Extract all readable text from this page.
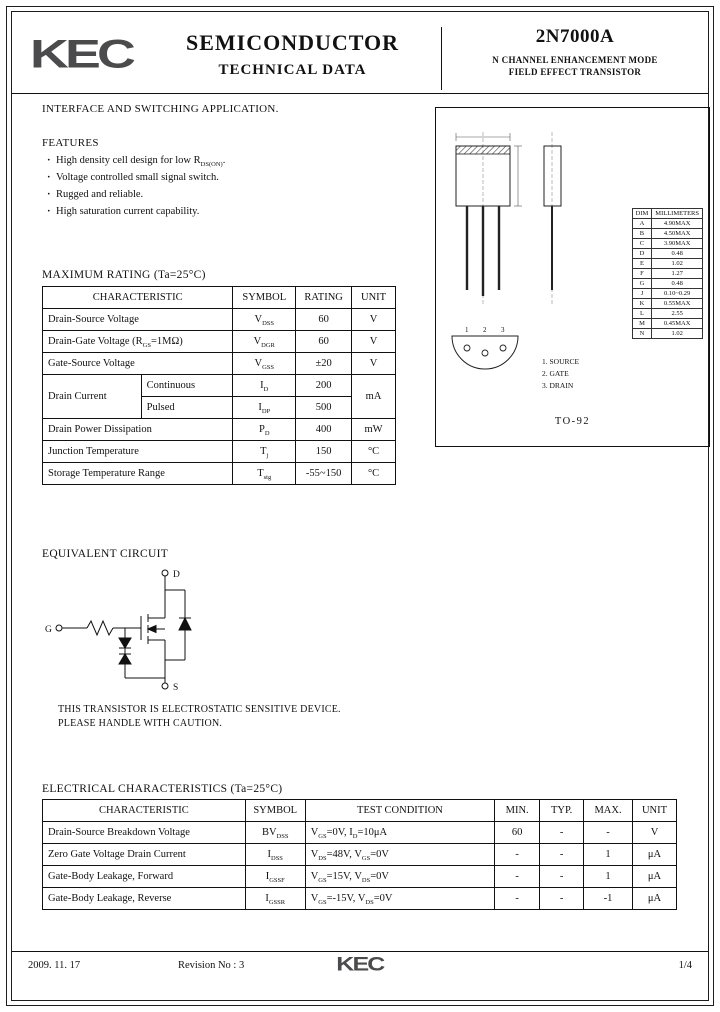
KEC	SEMICONDUCTOR
TECHNICAL DATA
2N7000A
N CHANNEL ENHANCEMENT MODE
FIELD EFFECT TRANSISTOR
INTERFACE AND SWITCHING APPLICATION.
FEATURES
· High density cell design for low $R_{DS(ON)}$.
· Voltage controlled small signal switch.
· Rugged and reliable.
· High saturation current capability.
1 2 3
DIM	MILLIMETERS
A	4.90MAX
B	4.50MAX
C	3.90MAX
D	0.48
E	1.02
F	1.27
G	0.48
J	0.10~0.29
K	0.55MAX
L	2.55
M	0.45MAX
N	1.02
1. SOURCE
2. GATE
3. DRAIN
TO-92
MAXIMUM RATING (Ta=25°C)
CHARACTERISTIC		SYMBOL	RATING	UNIT
Drain-Source Voltage		$V_{DSS}$	60	V
Drain-Gate Voltage $(R_{GS}=1M\Omega)$		$V_{DGR}$	60	V
Gate-Source Voltage		$V_{GSS}$	±20	V
Drain Current	Continuous	$I_D$	200	mA
	Pulsed	$I_{DP}$	500	
Drain Power Dissipation		$P_D$	400	mW
Junction Temperature		$T_j$	150	°C
Storage Temperature Range		$T_{stg}$	-55~150	°C
EQUIVALENT CIRCUIT
G
D
S
THIS TRANSISTOR IS ELECTROSTATIC SENSITIVE DEVICE.
PLEASE HANDLE WITH CAUTION.
ELECTRICAL CHARACTERISTICS (Ta=25°C)
CHARACTERISTIC	SYMBOL	TEST CONDITION	MIN.	TYP.	MAX.	UNIT
Drain-Source Breakdown Voltage	$BV_{DSS}$	$V_{GS}=0V$, $I_D=10\mu A$	60	-	-	V
Zero Gate Voltage Drain Current	$I_{DSS}$	$V_{DS}=48V$, $V_{GS}=0V$	-	-	1	μA
Gate-Body Leakage, Forward	$I_{GSSF}$	$V_{GS}=15V$, $V_{DS}=0V$	-	-	1	μA
Gate-Body Leakage, Reverse	$I_{GSSR}$	$V_{GS}=-15V$, $V_{DS}=0V$	-	-	-1	μA
2009. 11. 17	Revision No : 3	KEC	1/4
